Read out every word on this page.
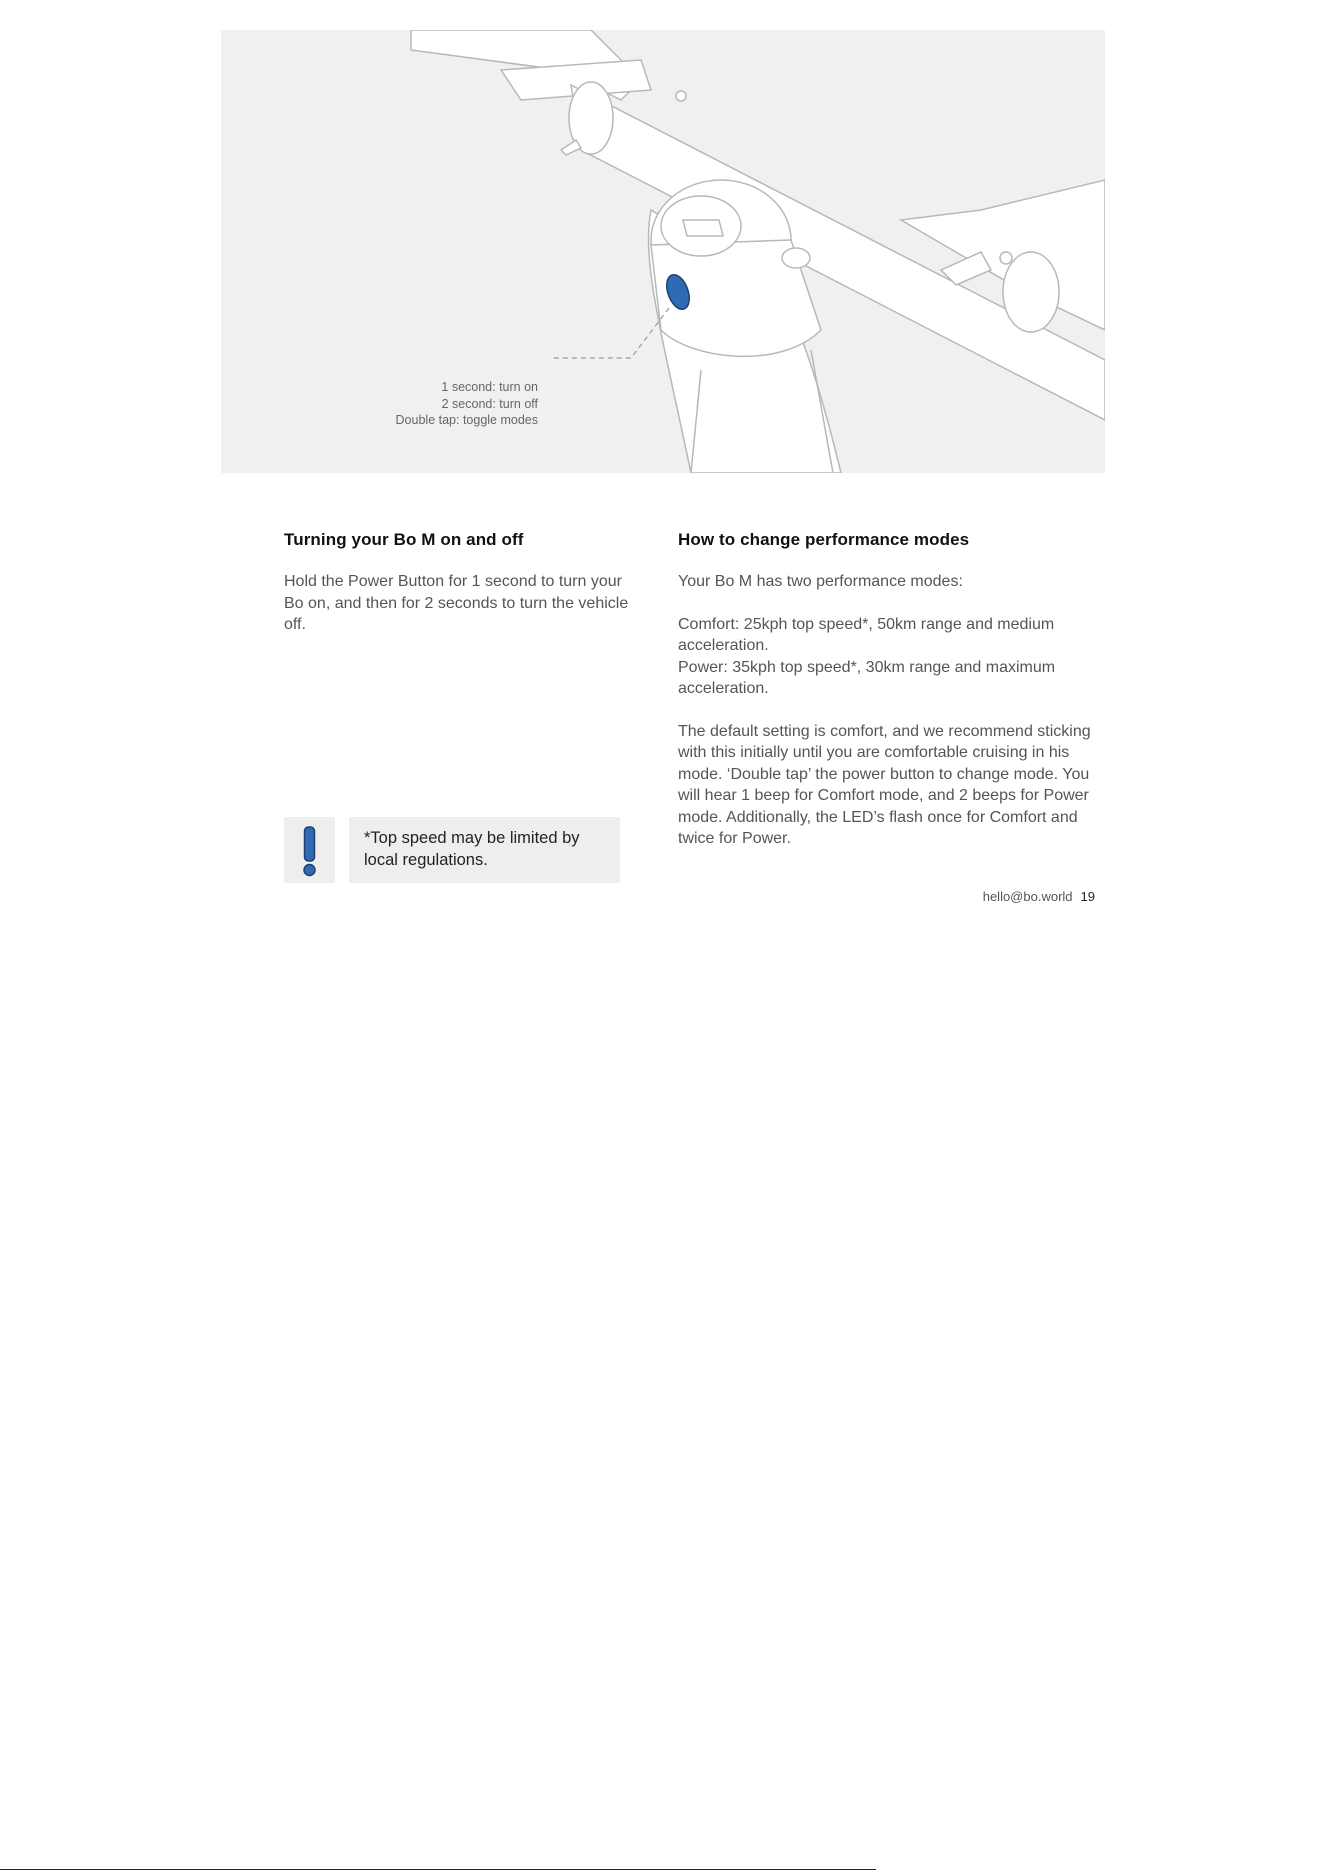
1 second: turn on
2 second: turn off
Double tap: toggle modes
Turning your Bo M on and off

Hold the Power Button for 1 second to turn your Bo on, and then for 2 seconds to turn the vehicle off.

How to change performance modes

Your Bo M has two performance modes:

Comfort: 25kph top speed*, 50km range and medium acceleration.

Power: 35kph top speed*, 30km range and maximum acceleration.

The default setting is comfort, and we recommend sticking with this initially until you are comfortable cruising in his mode. ‘Double tap’ the power button to change mode. You will hear 1 beep for Comfort mode, and 2 beeps for Power mode. Additionally, the LED’s flash once for Comfort and twice for Power.

*Top speed may be limited by local regulations.
hello@bo.world 19
